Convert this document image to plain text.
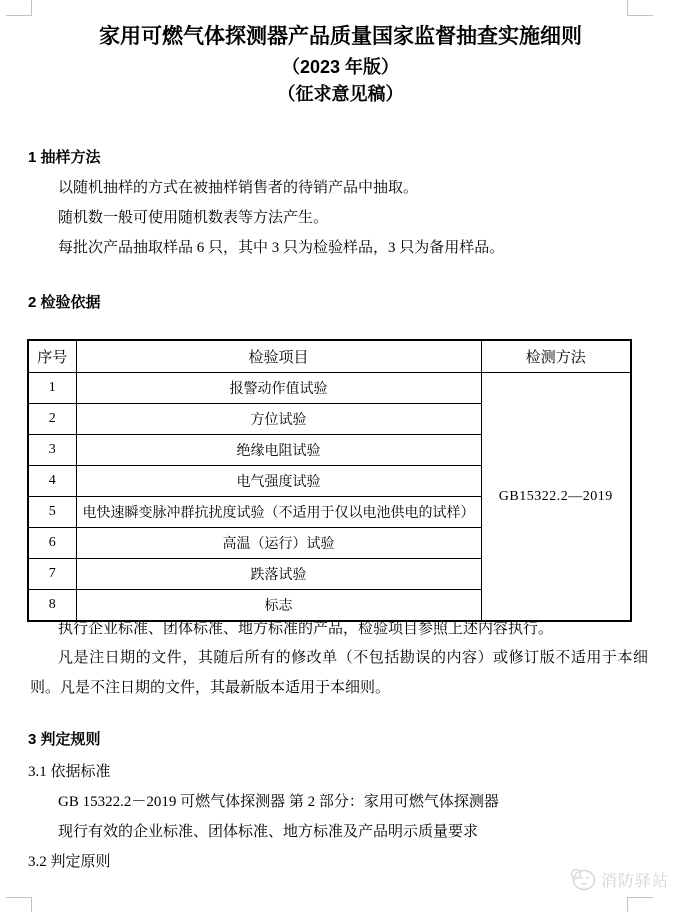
家用可燃气体探测器产品质量国家监督抽查实施细则
（2023 年版）
（征求意见稿）
1 抽样方法
以随机抽样的方式在被抽样销售者的待销产品中抽取。
随机数一般可使用随机数表等方法产生。
每批次产品抽取样品 6 只，其中 3 只为检验样品，3 只为备用样品。
2 检验依据
序号	检验项目	检测方法
1	报警动作值试验	GB15322.2—2019
2	方位试验	
3	绝缘电阻试验	
4	电气强度试验	
5	电快速瞬变脉冲群抗扰度试验（不适用于仅以电池供电的试样）	
6	高温（运行）试验	
7	跌落试验	
8	标志	
执行企业标准、团体标准、地方标准的产品，检验项目参照上述内容执行。
凡是注日期的文件，其随后所有的修改单（不包括勘误的内容）或修订版不适用于本细则。凡是不注日期的文件，其最新版本适用于本细则。
3 判定规则
3.1 依据标准
GB 15322.2－2019 可燃气体探测器 第 2 部分：家用可燃气体探测器
现行有效的企业标准、团体标准、地方标准及产品明示质量要求
3.2 判定原则
消防驿站
